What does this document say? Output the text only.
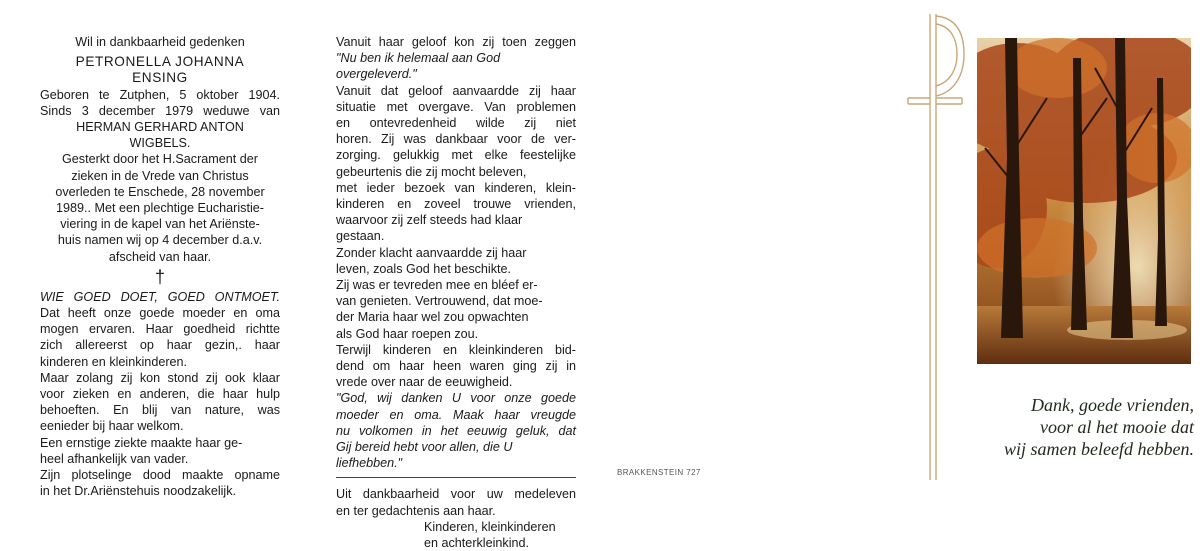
Wil in dankbaarheid gedenken
PETRONELLA JOHANNA
ENSING
Geboren te Zutphen, 5 oktober 1904.
Sinds 3 december 1979 weduwe van
HERMAN GERHARD ANTON
WIGBELS.
Gesterkt door het H.Sacrament der
zieken in de Vrede van Christus
overleden te Enschede, 28 november
1989.. Met een plechtige Eucharistie-
viering in de kapel van het Ariënste-
huis namen wij op 4 december d.a.v.
afscheid van haar.
†
WIE GOED DOET, GOED ONTMOET.
Dat heeft onze goede moeder en oma
mogen ervaren. Haar goedheid richtte
zich allereerst op haar gezin,. haar
kinderen en kleinkinderen.
Maar zolang zij kon stond zij ook klaar
voor zieken en anderen, die haar hulp
behoeften. En blij van nature, was
eenieder bij haar welkom.
Een ernstige ziekte maakte haar ge-
heel afhankelijk van vader.
Zijn plotselinge dood maakte opname
in het Dr.Ariënstehuis noodzakelijk.
Vanuit haar geloof kon zij toen zeggen
"Nu ben ik helemaal aan God
overgeleverd."
Vanuit dat geloof aanvaardde zij haar
situatie met overgave. Van problemen
en ontevredenheid wilde zij niet
horen. Zij was dankbaar voor de ver-
zorging. gelukkig met elke feestelijke
gebeurtenis die zij mocht beleven,
met ieder bezoek van kinderen, klein-
kinderen en zoveel trouwe vrienden,
waarvoor zij zelf steeds had klaar
gestaan.
Zonder klacht aanvaardde zij haar
leven, zoals God het beschikte.
Zij was er tevreden mee en bléef er-
van genieten. Vertrouwend, dat moe-
der Maria haar wel zou opwachten
als God haar roepen zou.
Terwijl kinderen en kleinkinderen bid-
dend om haar heen waren ging zij in
vrede over naar de eeuwigheid.
"God, wij danken U voor onze goede
moeder en oma. Maak haar vreugde
nu volkomen in het eeuwig geluk, dat
Gij bereid hebt voor allen, die U
liefhebben."
Uit dankbaarheid voor uw medeleven
en ter gedachtenis aan haar.
Kinderen, kleinkinderen
en achterkleinkind.
BRAKKENSTEIN 727
Dank, goede vrienden,
voor al het mooie dat
wij samen beleefd hebben.
